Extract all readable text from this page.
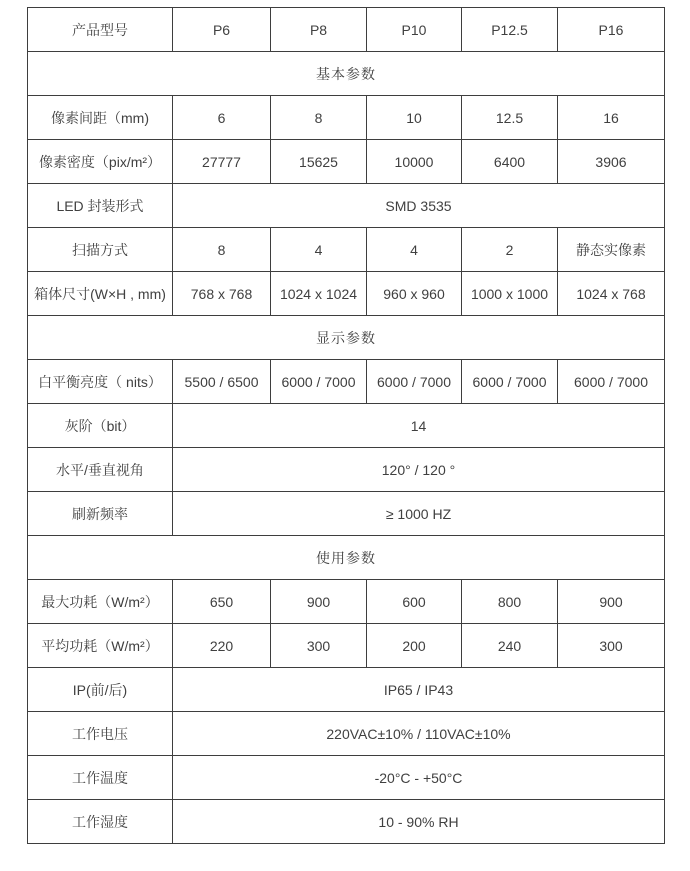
产品型号	P6	P8	P10	P12.5	P16
基本参数					
像素间距（mm)	6	8	10	12.5	16
像素密度（pix/m²）	27777	15625	10000	6400	3906
LED 封装形式	SMD 3535				
扫描方式	8	4	4	2	静态实像素
箱体尺寸(W×H , mm)	768 x 768	1024 x 1024	960 x 960	1000 x 1000	1024 x 768
显示参数					
白平衡亮度（ nits）	5500 / 6500	6000 / 7000	6000 / 7000	6000 / 7000	6000 / 7000
灰阶（bit）	14				
水平/垂直视角	120° / 120 °				
刷新频率	≥ 1000 HZ				
使用参数					
最大功耗（W/m²）	650	900	600	800	900
平均功耗（W/m²）	220	300	200	240	300
IP(前/后)	IP65 / IP43				
工作电压	220VAC±10% / 110VAC±10%				
工作温度	-20°C - +50°C				
工作湿度	10 - 90% RH				
